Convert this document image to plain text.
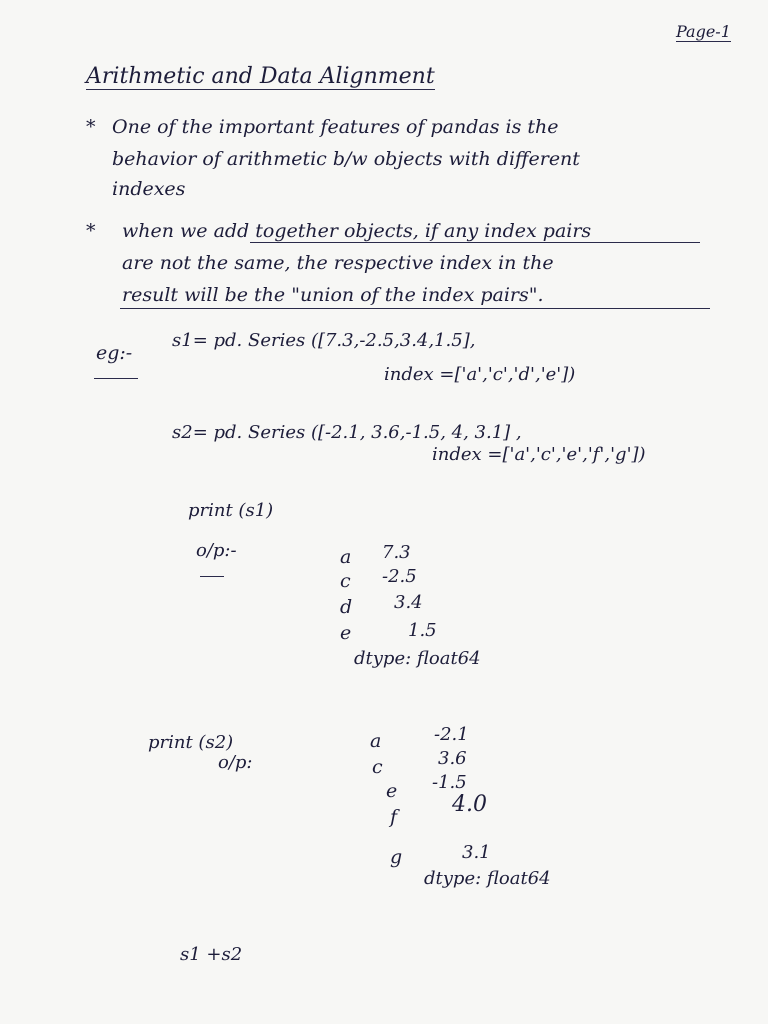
Page-1
Arithmetic and Data Alignment
* One of the important features of pandas is the
behavior of arithmetic b/w objects with different
indexes
* when we add together objects, if any index pairs
are not the same, the respective index in the
result will be the "union of the index pairs".
eg:-
s1= pd. Series ([7.3,-2.5,3.4,1.5],
index =['a','c','d','e'])
s2= pd. Series ([-2.1, 3.6,-1.5, 4, 3.1] ,
index =['a','c','e','f','g'])
print (s1)
o/p:-	a
c
d
e
7.3
-2.5
3.4
1.5
dtype: float64
print (s2)
o/p:
a
c
e
f
g
-2.1
3.6
-1.5
4.0
3.1
dtype: float64
s1 +s2
